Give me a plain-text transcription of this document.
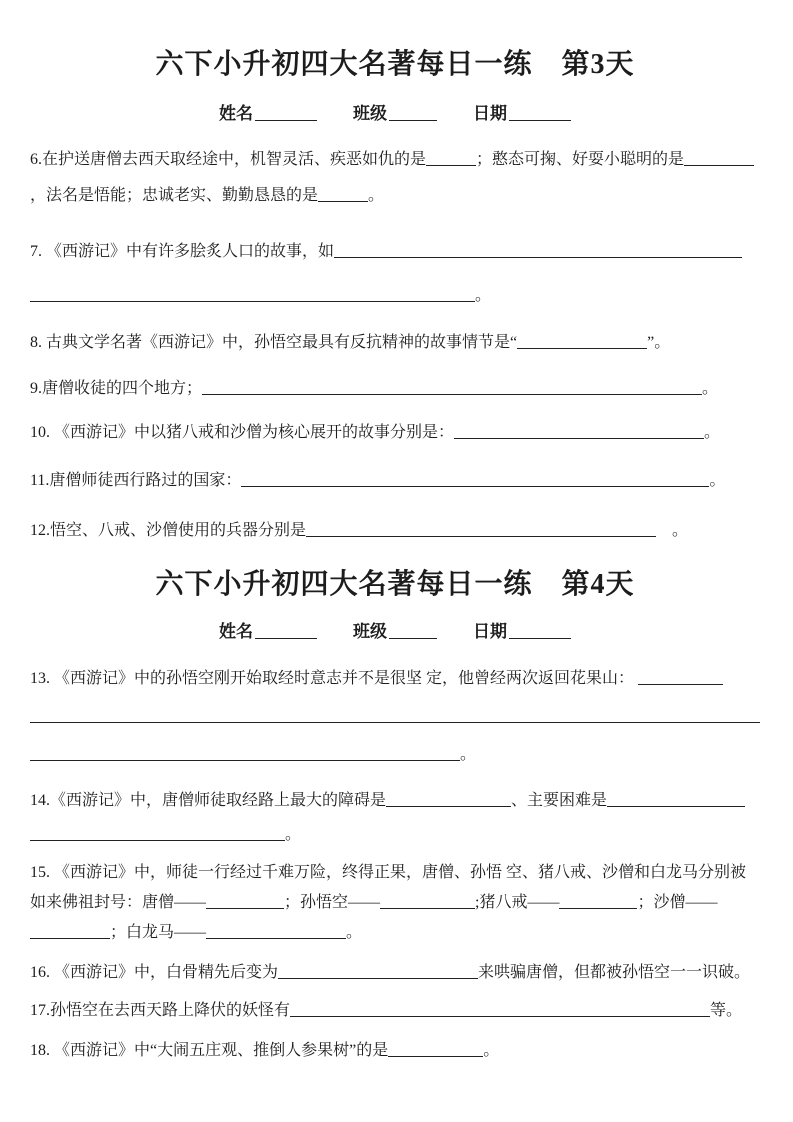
六下小升初四大名著每日一练　第3天
姓名	班级	日期

6.在护送唐僧去西天取经途中，机智灵活、疾恶如仇的是	；憨态可掬、好耍小聪明的是
，法名是悟能；忠诚老实、勤勤恳恳的是	。

7. 《西游记》中有许多脍炙人口的故事，如
。

8. 古典文学名著《西游记》中，孙悟空最具有反抗精神的故事情节是“	”。

9.唐僧收徒的四个地方；	。

10. 《西游记》中以猪八戒和沙僧为核心展开的故事分别是：	。

11.唐僧师徒西行路过的国家：	。

12.悟空、八戒、沙僧使用的兵器分别是	　。

六下小升初四大名著每日一练　第4天
姓名	班级	日期

13. 《西游记》中的孙悟空刚开始取经时意志并不是很坚 定，他曾经两次返回花果山：

。

14.《西游记》中，唐僧师徒取经路上最大的障碍是	、主要困难是
。

15. 《西游记》中，师徒一行经过千难万险，终得正果，唐僧、孙悟 空、猪八戒、沙僧和白龙马分别被如来佛祖封号：唐僧——	；孙悟空——	;猪八戒——	；沙僧——；白龙马——	。

16. 《西游记》中，白骨精先后变为	来哄骗唐僧，但都被孙悟空一一识破。

17.孙悟空在去西天路上降伏的妖怪有	等。

18. 《西游记》中“大闹五庄观、推倒人参果树”的是	。
